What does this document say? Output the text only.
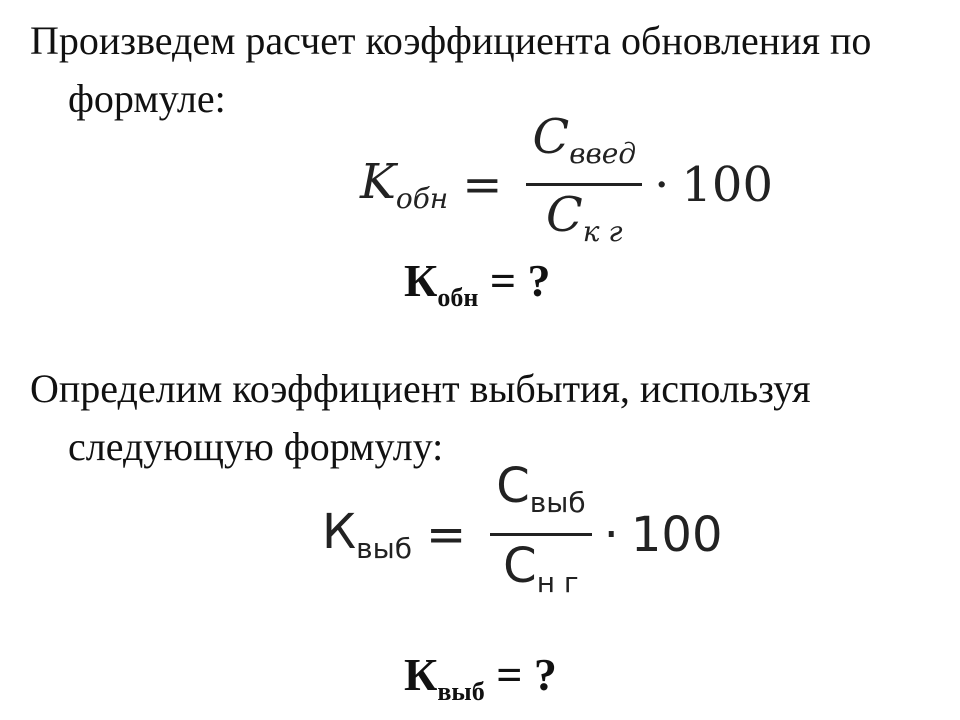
Произведем расчет коэффициента обновления по формуле:

$K_{обн} = \frac{C_{введ}}{C_{к г}} \cdot 100$
$К_{обн}$ = ?

Определим коэффициент выбытия, используя следующую формулу:

$К_{выб} = \frac{С_{выб}}{С_{н г}} \cdot 100$
$К_{выб}$ = ?
